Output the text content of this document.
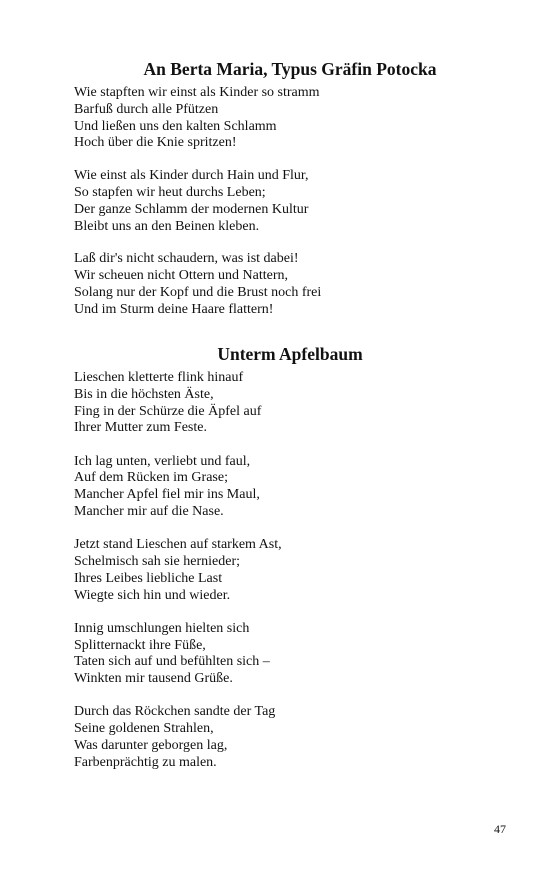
An Berta Maria, Typus Gräfin Potocka

Wie stapften wir einst als Kinder so stramm
Barfuß durch alle Pfützen
Und ließen uns den kalten Schlamm
Hoch über die Knie spritzen!

Wie einst als Kinder durch Hain und Flur,
So stapfen wir heut durchs Leben;
Der ganze Schlamm der modernen Kultur
Bleibt uns an den Beinen kleben.

Laß dir's nicht schaudern, was ist dabei!
Wir scheuen nicht Ottern und Nattern,
Solang nur der Kopf und die Brust noch frei
Und im Sturm deine Haare flattern!

Unterm Apfelbaum

Lieschen kletterte flink hinauf
Bis in die höchsten Äste,
Fing in der Schürze die Äpfel auf
Ihrer Mutter zum Feste.

Ich lag unten, verliebt und faul,
Auf dem Rücken im Grase;
Mancher Apfel fiel mir ins Maul,
Mancher mir auf die Nase.

Jetzt stand Lieschen auf starkem Ast,
Schelmisch sah sie hernieder;
Ihres Leibes liebliche Last
Wiegte sich hin und wieder.

Innig umschlungen hielten sich
Splitternackt ihre Füße,
Taten sich auf und befühlten sich –
Winkten mir tausend Grüße.

Durch das Röckchen sandte der Tag
Seine goldenen Strahlen,
Was darunter geborgen lag,
Farbenprächtig zu malen.

47
